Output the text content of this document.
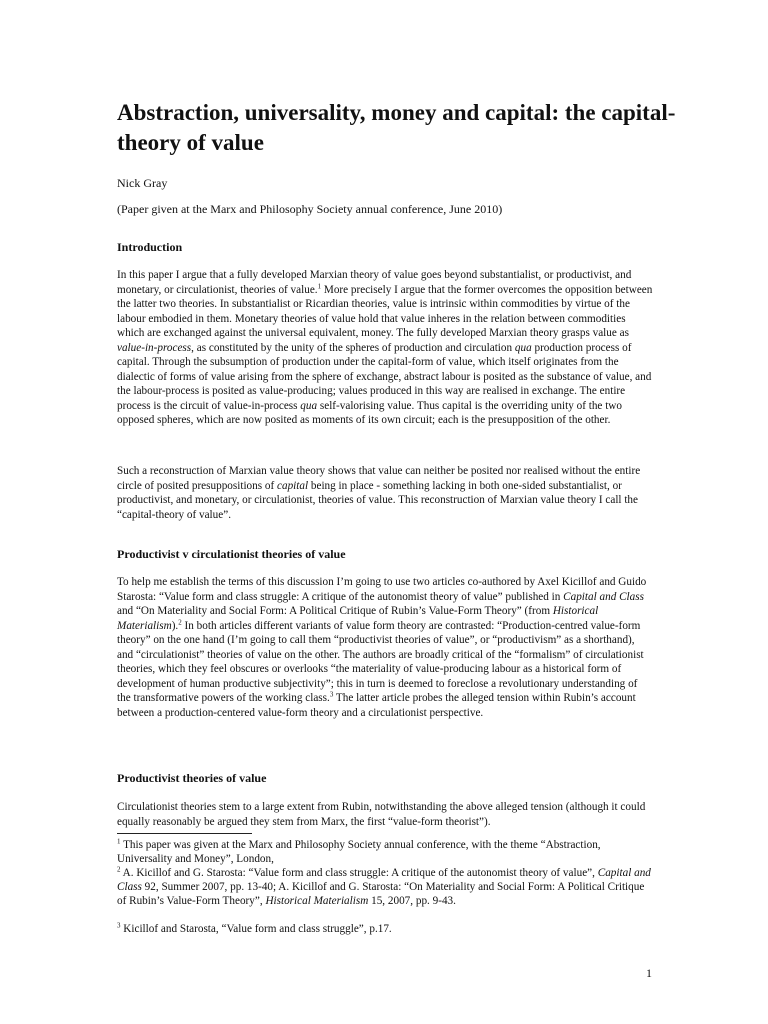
Abstraction, universality, money and capital: the capital-theory of value

Nick Gray

(Paper given at the Marx and Philosophy Society annual conference, June 2010)

Introduction

In this paper I argue that a fully developed Marxian theory of value goes beyond substantialist, or productivist, and monetary, or circulationist, theories of value.$^1$ More precisely I argue that the former overcomes the opposition between the latter two theories. In substantialist or Ricardian theories, value is intrinsic within commodities by virtue of the labour embodied in them. Monetary theories of value hold that value inheres in the relation between commodities which are exchanged against the universal equivalent, money. The fully developed Marxian theory grasps value as value-in-process, as constituted by the unity of the spheres of production and circulation qua production process of capital. Through the subsumption of production under the capital-form of value, which itself originates from the dialectic of forms of value arising from the sphere of exchange, abstract labour is posited as the substance of value, and the labour-process is posited as value-producing; values produced in this way are realised in exchange. The entire process is the circuit of value-in-process qua self-valorising value. Thus capital is the overriding unity of the two opposed spheres, which are now posited as moments of its own circuit; each is the presupposition of the other.

Such a reconstruction of Marxian value theory shows that value can neither be posited nor realised without the entire circle of posited presuppositions of capital being in place - something lacking in both one-sided substantialist, or productivist, and monetary, or circulationist, theories of value. This reconstruction of Marxian value theory I call the “capital-theory of value”.

Productivist v circulationist theories of value

To help me establish the terms of this discussion I’m going to use two articles co-authored by Axel Kicillof and Guido Starosta: “Value form and class struggle: A critique of the autonomist theory of value” published in Capital and Class and “On Materiality and Social Form: A Political Critique of Rubin’s Value-Form Theory” (from Historical Materialism).$^2$ In both articles different variants of value form theory are contrasted: “Production-centred value-form theory” on the one hand (I’m going to call them “productivist theories of value”, or “productivism” as a shorthand), and “circulationist” theories of value on the other. The authors are broadly critical of the “formalism” of circulationist theories, which they feel obscures or overlooks “the materiality of value-producing labour as a historical form of development of human productive subjectivity”; this in turn is deemed to foreclose a revolutionary understanding of the transformative powers of the working class.$^3$ The latter article probes the alleged tension within Rubin’s account between a production-centered value-form theory and a circulationist perspective.

Productivist theories of value

Circulationist theories stem to a large extent from Rubin, notwithstanding the above alleged tension (although it could equally reasonably be argued they stem from Marx, the first “value-form theorist”).

$^1$ This paper was given at the Marx and Philosophy Society annual conference, with the theme “Abstraction, Universality and Money”, London,

$^2$ A. Kicillof and G. Starosta: “Value form and class struggle: A critique of the autonomist theory of value”, Capital and Class 92, Summer 2007, pp. 13-40; A. Kicillof and G. Starosta: “On Materiality and Social Form: A Political Critique of Rubin’s Value-Form Theory”, Historical Materialism 15, 2007, pp. 9-43.

$^3$ Kicillof and Starosta, “Value form and class struggle”, p.17.

1
